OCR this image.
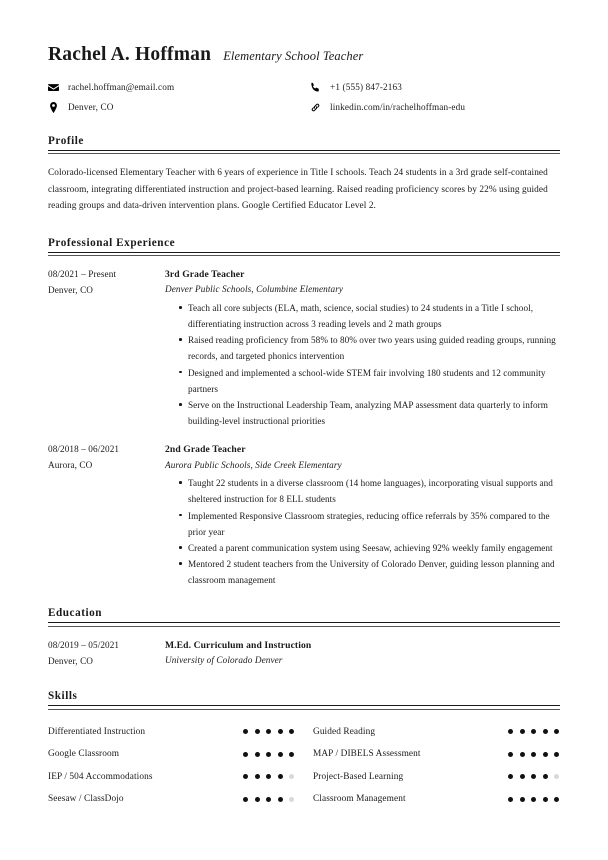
Rachel A. Hoffman Elementary School Teacher
rachel.hoffman@email.com	+1 (555) 847-2163
Denver, CO	linkedin.com/in/rachelhoffman-edu
Profile
Colorado-licensed Elementary Teacher with 6 years of experience in Title I schools. Teach 24 students in a 3rd grade self-contained classroom, integrating differentiated instruction and project-based learning. Raised reading proficiency scores by 22% using guided reading groups and data-driven intervention plans. Google Certified Educator Level 2.
Professional Experience
08/2021 – Present
Denver, CO
3rd Grade Teacher
Denver Public Schools, Columbine Elementary
Teach all core subjects (ELA, math, science, social studies) to 24 students in a Title I school, differentiating instruction across 3 reading levels and 2 math groups
Raised reading proficiency from 58% to 80% over two years using guided reading groups, running records, and targeted phonics intervention
Designed and implemented a school-wide STEM fair involving 180 students and 12 community partners
Serve on the Instructional Leadership Team, analyzing MAP assessment data quarterly to inform building-level instructional priorities
08/2018 – 06/2021
Aurora, CO
2nd Grade Teacher
Aurora Public Schools, Side Creek Elementary
Taught 22 students in a diverse classroom (14 home languages), incorporating visual supports and sheltered instruction for 8 ELL students
Implemented Responsive Classroom strategies, reducing office referrals by 35% compared to the prior year
Created a parent communication system using Seesaw, achieving 92% weekly family engagement
Mentored 2 student teachers from the University of Colorado Denver, guiding lesson planning and classroom management
Education
08/2019 – 05/2021
Denver, CO
M.Ed. Curriculum and Instruction
University of Colorado Denver
Skills
Differentiated Instruction	Guided Reading
Google Classroom	MAP / DIBELS Assessment
IEP / 504 Accommodations	Project-Based Learning
Seesaw / ClassDojo	Classroom Management
